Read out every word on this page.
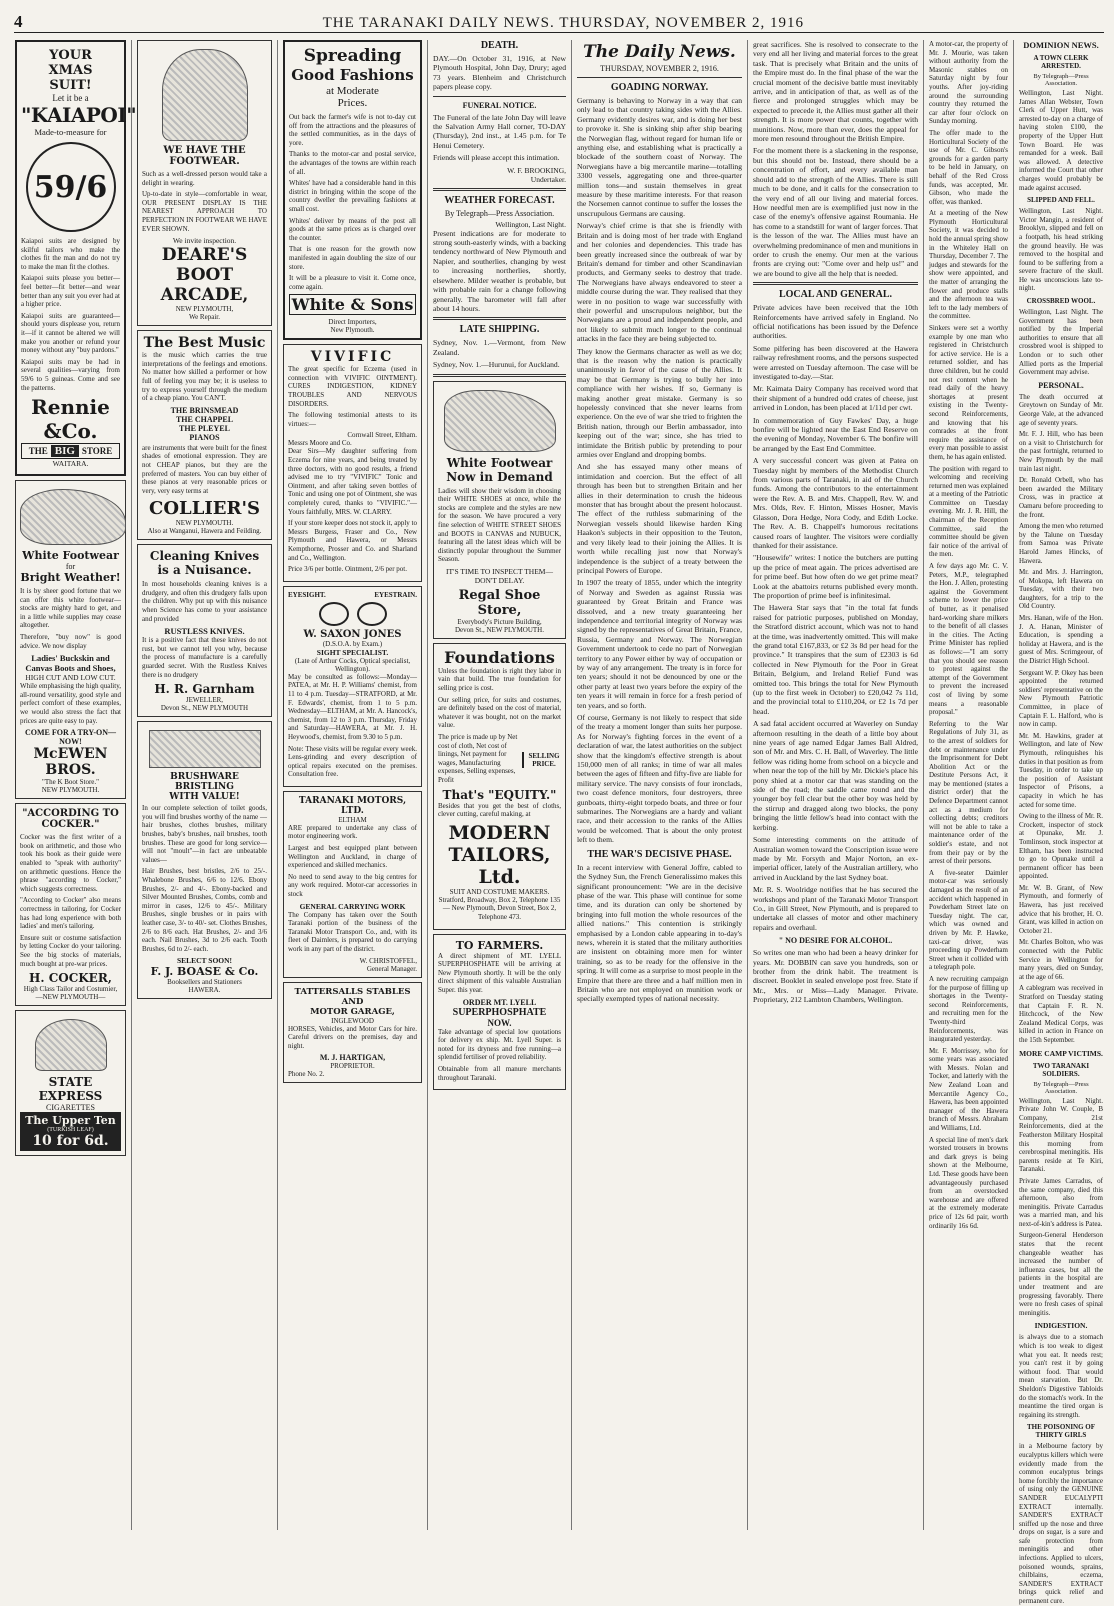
4	THE TARANAKI DAILY NEWS. THURSDAY, NOVEMBER 2, 1916
YOUR
XMAS
SUIT!
Let it be a
"KAIAPOI"
Made-to-measure for
59/6

Kaiapoi suits are designed by skilful tailors who make the clothes fit the man and do not try to make the man fit the clothes.

Kaiapoi suits please you better—feel better—fit better—and wear better than any suit you ever had at a higher price.

Kaiapoi suits are guaranteed—should yours displease you, return it—if it cannot be altered we will make you another or refund your money without any "buy pardons."

Kaiapoi suits may be had in several qualities—varying from 59/6 to 5 guineas. Come and see the patterns.

Rennie &Co.
THE BIG STORE
WAITARA.
White Footwear
for
Bright Weather!

It is by sheer good fortune that we can offer this white footwear—stocks are mighty hard to get, and in a little while supplies may cease altogether.

Therefore, "buy now" is good advice. We now display

Ladies' Buckskin and Canvas Boots and Shoes,
HIGH CUT AND LOW CUT.

While emphasising the high quality, all-round versatility, good style and perfect comfort of these examples, we would also stress the fact that prices are quite easy to pay.

COME FOR A TRY-ON—NOW!
McEWEN BROS.
"The K Boot Store."
NEW PLYMOUTH.
"ACCORDING TO
COCKER."

Cocker was the first writer of a book on arithmetic, and those who took his book as their guide were enabled to "speak with authority" on arithmetic questions. Hence the phrase "according to Cocker," which suggests correctness.

"According to Cocker" also means correctness in tailoring, for Cocker has had long experience with both ladies' and men's tailoring.

Ensure suit or costume satisfaction by letting Cocker do your tailoring. See the big stocks of materials, much bought at pre-war prices.

H. COCKER,
High Class Tailor and Costumier,
—NEW PLYMOUTH—
STATE EXPRESS
CIGARETTES
The Upper Ten
(TURKISH LEAF)
10 for 6d.
WE HAVE THE
FOOTWEAR.

Such as a well-dressed person would take a delight in wearing.

Up-to-date in style—comfortable in wear, OUR PRESENT DISPLAY IS THE NEAREST APPROACH TO PERFECTION IN FOOTWEAR WE HAVE EVER SHOWN.

We invite inspection.
DEARE'S
BOOT
ARCADE,
NEW PLYMOUTH,
We Repair.
The Best Music

is the music which carries the true interpretations of the feelings and emotions. No matter how skilled a performer or how full of feeling you may be; it is useless to try to express yourself through the medium of a cheap piano. You CAN'T.

THE BRINSMEAD
THE CHAPPEL
THE PLEYEL
PIANOS

are instruments that were built for the finest shades of emotional expression. They are not CHEAP pianos, but they are the preferred of masters. You can buy either of these pianos at very reasonable prices or very, very easy terms at

COLLIER'S
NEW PLYMOUTH.
Also at Wanganui, Hawera and Feilding.
Cleaning Knives
is a Nuisance.

In most households cleaning knives is a drudgery, and often this drudgery falls upon the children. Why put up with this nuisance when Science has come to your assistance and provided

RUSTLESS KNIVES.

It is a positive fact that these knives do not rust, but we cannot tell you why, because the process of manufacture is a carefully guarded secret. With the Rustless Knives there is no drudgery

H. R. Garnham
JEWELLER,
Devon St., NEW PLYMOUTH
BRUSHWARE BRISTLING
WITH VALUE!

In our complete selection of toilet goods, you will find brushes worthy of the name — hair brushes, clothes brushes, military brushes, baby's brushes, nail brushes, tooth brushes. These are good for long service—will not "moult"—in fact are unbeatable values—

Hair Brushes, best bristles, 2/6 to 25/-. Whalebone Brushes, 6/6 to 12/6. Ebony Brushes, 2/- and 4/-. Ebony-backed and Silver Mounted Brushes, Combs, comb and mirror in cases, 12/6 to 45/-. Military Brushes, single brushes or in pairs with leather case, 3/- to 40/- set. Clothes Brushes, 2/6 to 8/6 each. Hat Brushes, 2/- and 3/6 each. Nail Brushes, 3d to 2/6 each. Tooth Brushes, 6d to 2/- each.

SELECT SOON!
F. J. BOASE & Co.
Booksellers and Stationers
HAWERA.
Spreading
Good Fashions
at Moderate
Prices.

Out back the farmer's wife is not to-day cut off from the attractions and the pleasures of the settled communities, as in the days of yore.

Thanks to the motor-car and postal service, the advantages of the towns are within reach of all.

Whites' have had a considerable hand in this district in bringing within the scope of the country dweller the prevailing fashions at small cost.

Whites' deliver by means of the post all goods at the same prices as is charged over the counter.

That is one reason for the growth now manifested in again doubling the size of our store.

It will be a pleasure to visit it. Come once, come again.

White & Sons
Direct Importers,
New Plymouth.
VIVIFIC

The great specific for Eczema (used in connection with VIVIFIC OINTMENT). CURES INDIGESTION, KIDNEY TROUBLES AND NERVOUS DISORDERS.

The following testimonial attests to its virtues:—

Cornwall Street, Eltham.
Messrs Moore and Co.

Dear Sirs—My daughter suffering from Eczema for nine years, and being treated by three doctors, with no good results, a friend advised me to try "VIVIFIC" Tonic and Ointment, and after taking seven bottles of Tonic and using one pot of Ointment, she was completely cured, thanks to "VIVIFIC."—Yours faithfully, MRS. W. CLARRY.

If your store keeper does not stock it, apply to Messrs Burgess, Fraser and Co., New Plymouth and Hawera, or Messrs Kempthorne, Prosser and Co. and Sharland and Co., Wellington.

Price 3/6 per bottle. Ointment, 2/6 per pot.

EYESIGHT.	EYESTRAIN.
W. SAXON JONES
(D.S.O.A. by Exam.)
SIGHT SPECIALIST.
(Late of Arthur Cocks, Optical specialist, Wellington).

May be consulted as follows:—Monday—PATEA, at Mr. H. P. Williams' chemist, from 11 to 4 p.m. Tuesday—STRATFORD, at Mr. F. Edwards', chemist, from 1 to 5 p.m. Wednesday—ELTHAM, at Mr. A. Hancock's, chemist, from 12 to 3 p.m. Thursday, Friday and Saturday—HAWERA, at Mr. J. H. Heywood's, chemist, from 9.30 to 5 p.m.

Note: These visits will be regular every week. Lens-grinding and every description of optical repairs executed on the premises. Consultation free.

TARANAKI MOTORS, LTD.
ELTHAM

ARE prepared to undertake any class of motor engineering work.

Largest and best equipped plant between Wellington and Auckland, in charge of experienced and skilled mechanics.

No need to send away to the big centres for any work required. Motor-car accessories in stock

GENERAL CARRYING WORK

The Company has taken over the South Taranaki portion of the business of the Taranaki Motor Transport Co., and, with its fleet of Daimlers, is prepared to do carrying work in any part of the district.

W. CHRISTOFFEL,
General Manager.
TATTERSALLS STABLES AND
MOTOR GARAGE,
INGLEWOOD

HORSES, Vehicles, and Motor Cars for hire. Careful drivers on the premises, day and night.

M. J. HARTIGAN,
PROPRIETOR.
Phone No. 2.
DEATH.

DAY.—On October 31, 1916, at New Plymouth Hospital, John Day, Drury; aged 73 years. Blenheim and Christchurch papers please copy.

FUNERAL NOTICE.

The Funeral of the late John Day will leave the Salvation Army Hall corner, TO-DAY (Thursday), 2nd inst., at 1.45 p.m. for Te Henui Cemetery.

Friends will please accept this intimation.

W. F. BROOKING,
Undertaker.
WEATHER FORECAST.
By Telegraph—Press Association.
Wellington, Last Night.

Present indications are for moderate to strong south-easterly winds, with a backing tendency northward of New Plymouth and Napier, and southerlies, changing by west to increasing northerlies, shortly, elsewhere. Milder weather is probable, but with probable rain for a change following generally. The barometer will fall after about 14 hours.

LATE SHIPPING.

Sydney, Nov. 1.—Vermont, from New Zealand.

Sydney, Nov. 1.—Hurunui, for Auckland.

White Footwear
Now in Demand

Ladies will show their wisdom in choosing their WHITE SHOES at once, while the stocks are complete and the styles are new for the season. We have procured a very fine selection of WHITE STREET SHOES and BOOTS in CANVAS and NUBUCK, featuring all the latest ideas which will be distinctly popular throughout the Summer Season.

IT'S TIME TO INSPECT THEM—DON'T DELAY.
Regal Shoe Store,
Everybody's Picture Building,
Devon St., NEW PLYMOUTH.
Foundations

Unless the foundation is right they labor in vain that build. The true foundation for selling price is cost.

Our selling price, for suits and costumes, are definitely based on the cost of material, whatever it was bought, not on the market value.

The price is made up by Net cost of cloth, Net cost of linings, Net payment for wages, Manufacturing expenses, Selling expenses, Profit

SELLING PRICE.
That's "EQUITY."

Besides that you get the best of cloths, clever cutting, careful making, at

MODERN
TAILORS,
Ltd.
SUIT AND COSTUME MAKERS.

Stratford, Broadway, Box 2, Telephone 135 — New Plymouth, Devon Street, Box 2, Telephone 473.

TO FARMERS.

A direct shipment of MT. LYELL SUPERPHOSPHATE will be arriving at New Plymouth shortly. It will be the only direct shipment of this valuable Australian Super. this year.

ORDER MT. LYELL
SUPERPHOSPHATE
NOW.

Take advantage of special low quotations for delivery ex ship. Mt. Lyell Super. is noted for its dryness and free running—a splendid fertiliser of proved reliability.

Obtainable from all manure merchants throughout Taranaki.

The Daily News.
THURSDAY, NOVEMBER 2, 1916.
GOADING NORWAY.

Germany is behaving to Norway in a way that can only lead to that country taking sides with the Allies. Germany evidently desires war, and is doing her best to provoke it. She is sinking ship after ship bearing the Norwegian flag, without regard for human life or anything else, and establishing what is practically a blockade of the southern coast of Norway. The Norwegians have a big mercantile marine—totalling 3300 vessels, aggregating one and three-quarter million tons—and sustain themselves in great measure by these maritime interests. For that reason the Norsemen cannot continue to suffer the losses the unscrupulous Germans are causing.

Norway's chief crime is that she is friendly with Britain and is doing most of her trade with England and her colonies and dependencies. This trade has been greatly increased since the outbreak of war by Britain's demand for timber and other Scandinavian products, and Germany seeks to destroy that trade. The Norwegians have always endeavored to steer a middle course during the war. They realised that they were in no position to wage war successfully with their powerful and unscrupulous neighbor, but the Norwegians are a proud and independent people, and not likely to submit much longer to the continual attacks in the face they are being subjected to.

They know the Germans character as well as we do; that is the reason why the nation is practically unanimously in favor of the cause of the Allies. It may be that Germany is trying to bully her into compliance with her wishes. If so, Germany is making another great mistake. Germany is so hopelessly convinced that she never learns from experience. On the eve of war she tried to frighten the British nation, through our Berlin ambassador, into keeping out of the war; since, she has tried to intimidate the British public by pretending to pour armies over England and dropping bombs.

And she has essayed many other means of intimidation and coercion. But the effect of all through has been but to strengthen Britain and her allies in their determination to crush the hideous monster that has brought about the present holocaust. The effect of the ruthless submarining of the Norwegian vessels should likewise harden King Haakon's subjects in their opposition to the Teuton, and very likely lead to their joining the Allies. It is worth while recalling just now that Norway's independence is the subject of a treaty between the principal Powers of Europe.

In 1907 the treaty of 1855, under which the integrity of Norway and Sweden as against Russia was guaranteed by Great Britain and France was dissolved, and a new treaty guaranteeing her independence and territorial integrity of Norway was signed by the representatives of Great Britain, France, Russia, Germany and Norway. The Norwegian Government undertook to cede no part of Norwegian territory to any Power either by way of occupation or by way of any arrangement. The treaty is in force for ten years; should it not be denounced by one or the other party at least two years before the expiry of the ten years it will remain in force for a fresh period of ten years, and so forth.

Of course, Germany is not likely to respect that side of the treaty a moment longer than suits her purpose. As for Norway's fighting forces in the event of a declaration of war, the latest authorities on the subject show that the kingdom's effective strength is about 150,000 men of all ranks; in time of war all males between the ages of fifteen and fifty-five are liable for military service. The navy consists of four ironclads, two coast defence monitors, four destroyers, three gunboats, thirty-eight torpedo boats, and three or four submarines. The Norwegians are a hardy and valiant race, and their accession to the ranks of the Allies would be welcomed. That is about the only protest left to them.

THE WAR'S DECISIVE PHASE.

In a recent interview with General Joffre, cabled to the Sydney Sun, the French Generalissimo makes this significant pronouncement: "We are in the decisive phase of the war. This phase will continue for some time, and its duration can only be shortened by bringing into full motion the whole resources of the allied nations." This contention is strikingly emphasised by a London cable appearing in to-day's news, wherein it is stated that the military authorities are insistent on obtaining more men for winter training, so as to be ready for the offensive in the spring. It will come as a surprise to most people in the Empire that there are three and a half million men in Britain who are not employed on munition work or specially exempted types of national necessity.

great sacrifices. She is resolved to consecrate to the very end all her living and material forces to the great task. That is precisely what Britain and the units of the Empire must do. In the final phase of the war the crucial moment of the decisive battle must inevitably arrive, and in anticipation of that, as well as of the fierce and prolonged struggles which may be expected to precede it, the Allies must gather all their strength. It is more power that counts, together with munitions. Now, more than ever, does the appeal for more men resound throughout the British Empire.

For the moment there is a slackening in the response, but this should not be. Instead, there should be a concentration of effort, and every available man should add to the strength of the Allies. There is still much to be done, and it calls for the consecration to the very end of all our living and material forces. How needful men are is exemplified just now in the case of the enemy's offensive against Roumania. He has come to a standstill for want of larger forces. That is the lesson of the war. The Allies must have an overwhelming predominance of men and munitions in order to crush the enemy. Our men at the various fronts are crying out: "Come over and help us!" and we are bound to give all the help that is needed.

LOCAL AND GENERAL.

Private advices have been received that the 10th Reinforcements have arrived safely in England. No official notifications has been issued by the Defence authorities.

Some pilfering has been discovered at the Hawera railway refreshment rooms, and the persons suspected were arrested on Tuesday afternoon. The case will be investigated to-day.—Star.

Mr. Kaimata Dairy Company has received word that their shipment of a hundred odd crates of cheese, just arrived in London, has been placed at 1/11d per cwt.

In commemoration of Guy Fawkes' Day, a huge bonfire will be lighted near the East End Reserve on the evening of Monday, November 6. The bonfire will be arranged by the East End Committee.

A very successful concert was given at Patea on Tuesday night by members of the Methodist Church from various parts of Taranaki, in aid of the Church funds. Among the contributors to the entertainment were the Rev. A. B. and Mrs. Chappell, Rev. W. and Mrs. Olds, Rev. F. Hinton, Misses Hosner, Mavis Glasson, Dora Hedge, Nora Cody, and Edith Locke. The Rev. A. B. Chappell's humorous recitations caused roars of laughter. The visitors were cordially thanked for their assistance.

"Housewife" writes: I notice the butchers are putting up the price of meat again. The prices advertised are for prime beef. But how often do we get prime meat? Look at the abattoirs returns published every month. The proportion of prime beef is infinitesimal.

The Hawera Star says that "in the total fat funds raised for patriotic purposes, published on Monday, the Stratford district account, which was not to hand at the time, was inadvertently omitted. This will make the grand total £167,833, or £2 3s 8d per head for the province." It transpires that the sum of £2303 is 6d collected in New Plymouth for the Poor in Great Britain, Belgium, and Ireland Relief Fund was omitted too. This brings the total for New Plymouth (up to the first week in October) to £20,042 7s 11d, and the provincial total to £110,204, or £2 1s 7d per head.

A sad fatal accident occurred at Waverley on Sunday afternoon resulting in the death of a little boy about nine years of age named Edgar James Ball Aldred, son of Mr. and Mrs. C. H. Ball, of Waverley. The little fellow was riding home from school on a bicycle and when near the top of the hill by Mr. Dickie's place his pony shied at a motor car that was standing on the side of the road; the saddle came round and the younger boy fell clear but the other boy was held by the stirrup and dragged along two blocks, the pony bringing the little fellow's head into contact with the kerbing.

Some interesting comments on the attitude of Australian women toward the Conscription issue were made by Mr. Forsyth and Major Norton, an ex-imperial officer, lately of the Australian artillery, who arrived in Auckland by the last Sydney boat.

Mr. R. S. Woolridge notifies that he has secured the workshops and plant of the Taranaki Motor Transport Co., in Gill Street, New Plymouth, and is prepared to undertake all classes of motor and other machinery repairs and overhaul.

" NO DESIRE FOR ALCOHOL.

So writes one man who had been a heavy drinker for years. Mr. DOBBIN can save you hundreds, son or brother from the drink habit. The treatment is discreet. Booklet in sealed envelope post free. State if Mr., Mrs. or Miss—Lady Manager. Private. Proprietary, 212 Lambton Chambers, Wellington.

A motor-car, the property of Mr. J. Mourie, was taken without authority from the Masonic stables on Saturday night by four youths. After joy-riding around the surrounding country they returned the car after four o'clock on Sunday morning.

The offer made to the Horticultural Society of the use of Mr. C. Gibson's grounds for a garden party to be held in January, on behalf of the Red Cross funds, was accepted, Mr. Gibson, who made the offer, was thanked.

At a meeting of the New Plymouth Horticultural Society, it was decided to hold the annual spring show in the Whiteley Hall on Thursday, December 7. The judges and stewards for the show were appointed, and the matter of arranging the flower and produce stalls and the afternoon tea was left to the lady members of the committee.

Sinkers were set a worthy example by one man who registered in Christchurch for active service. He is a returned soldier, and has three children, but he could not rest content when he read daily of the heavy shortages at present existing in the Twenty-second Reinforcements, and knowing that his comrades at the front require the assistance of every man possible to assist them, he has again enlisted.

The position with regard to welcoming and receiving returned men was explained at a meeting of the Patriotic Committee on Tuesday evening. Mr. J. R. Hill, the chairman of the Reception Committee, said the committee should be given fair notice of the arrival of the men.

A few days ago Mr. C. V. Peters, M.P., telegraphed the Hon. J. Allen, protesting against the Government scheme to lower the price of butter, as it penalised hard-working share milkers to the benefit of all classes in the cities. The Acting Prime Minister has replied as follows:—"I am sorry that you should see reason to protest against the attempt of the Government to prevent the increased cost of living by some means a reasonable proposal."

Referring to the War Regulations of July 31, as to the arrest of soldiers for debt or maintenance under the Imprisonment for Debt Abolition Act or the Destitute Persons Act, it may be mentioned (states a district order) that the Defence Department cannot act as a medium for collecting debts; creditors will not be able to take a maintenance order of the soldier's estate, and not from their pay or by the arrest of their persons.

A five-seater Daimler motor-car was seriously damaged as the result of an accident which happened in Powderham Street late on Tuesday night. The car, which was owned and driven by Mr. P. Hawke, taxi-car driver, was proceeding up Powderham Street when it collided with a telegraph pole.

A new recruiting campaign for the purpose of filling up shortages in the Twenty-second Reinforcements, and recruiting men for the Twenty-third Reinforcements, was inaugurated yesterday.

Mr. F. Morrissey, who for some years was associated with Messrs. Nolan and Tocker, and latterly with the New Zealand Loan and Mercantile Agency Co., Hawera, has been appointed manager of the Hawera branch of Messrs. Abraham and Williams, Ltd.

A special line of men's dark worsted trousers in browns and dark greys is being shown at the Melbourne, Ltd. These goods have been advantageously purchased from an overstocked warehouse and are offered at the extremely moderate price of 12s 6d pair, worth ordinarily 16s 6d.

DOMINION NEWS.
A TOWN CLERK ARRESTED.
By Telegraph—Press Association.

Wellington, Last Night. James Allan Webster, Town Clerk of Upper Hutt, was arrested to-day on a charge of having stolen £100, the property of the Upper Hutt Town Board. He was remanded for a week. Bail was allowed. A detective informed the Court that other charges would probably be made against accused.

SLIPPED AND FELL.

Wellington, Last Night. Victor Mangin, a resident of Brooklyn, slipped and fell on a footpath, his head striking the ground heavily. He was removed to the hospital and found to be suffering from a severe fracture of the skull. He was unconscious late to-night.

CROSSBRED WOOL.

Wellington, Last Night. The Government has been notified by the Imperial authorities to ensure that all crossbred wool is shipped to London or to such other Allied ports as the Imperial Government may advise.

PERSONAL.

The death occurred at Greytown on Sunday of Mr. George Vale, at the advanced age of seventy years.

Mr. F. J. Hill, who has been on a visit to Christchurch for the past fortnight, returned to New Plymouth by the mail train last night.

Dr. Ronald Orbell, who has been awarded the Military Cross, was in practice at Oamaru before proceeding to the front.

Among the men who returned by the Talune on Tuesday from Samoa was Private Harold James Hincks, of Hawera.

Mr. and Mrs. J. Harrington, of Mokopa, left Hawera on Tuesday, with their two daughters, for a trip to the Old Country.

Mrs. Hanan, wife of the Hon. J. A. Hanan, Minister of Education, is spending a holiday at Hawera, and is the guest of Mrs. Scrimgeour, of the District High School.

Sergeant W. P. Okey has been appointed the returned soldiers' representative on the New Plymouth Patriotic Committee, in place of Captain F. L. Halford, who is now in camp.

Mr. M. Hawkins, grader at Wellington, and late of New Plymouth, relinquishes his duties in that position as from Tuesday, in order to take up the position of Assistant Inspector of Prisons, a capacity in which he has acted for some time.

Owing to the illness of Mr. R. Crockett, inspector of stock at Opunake, Mr. J. Tomlinson, stock inspector at Eltham, has been instructed to go to Opunake until a permanent officer has been appointed.

Mr. W. B. Grant, of New Plymouth, and formerly of Hawera, has just received advice that his brother, H. O. Grant, was killed in action on October 21.

Mr. Charles Bolton, who was connected with the Public Service in Wellington for many years, died on Sunday, at the age of 66.

A cablegram was received in Stratford on Tuesday stating that Captain F. R. N. Hitchcock, of the New Zealand Medical Corps, was killed in action in France on the 15th September.

MORE CAMP VICTIMS.
TWO TARANAKI SOLDIERS.
By Telegraph—Press Association.

Wellington, Last Night. Private John W. Couple, B Company, 21st Reinforcements, died at the Featherston Military Hospital this morning from cerebrospinal meningitis. His parents reside at Te Kiri, Taranaki.

Private James Carradus, of the same company, died this afternoon, also from meningitis. Private Carradus was a married man, and his next-of-kin's address is Patea.

Surgeon-General Henderson states that the recent changeable weather has increased the number of influenza cases, but all the patients in the hospital are under treatment and are progressing favorably. There were no fresh cases of spinal meningitis.

INDIGESTION.

is always due to a stomach which is too weak to digest what you eat. It needs rest; you can't rest it by going without food. That would mean starvation. But Dr. Sheldon's Digestive Tabloids do the stomach's work. In the meantime the tired organ is regaining its strength.

THE POISONING OF THIRTY GIRLS

in a Melbourne factory by eucalyptus killers which were evidently made from the common eucalyptus brings home forcibly the importance of using only the GENUINE SANDER EUCALYPTI EXTRACT internally. SANDER'S EXTRACT sniffed up the nose and three drops on sugar, is a sure and safe protection from meningitis and other infections. Applied to ulcers, poisoned wounds, sprains, chilblains, eczema, SANDER'S EXTRACT brings quick relief and permanent cure.
